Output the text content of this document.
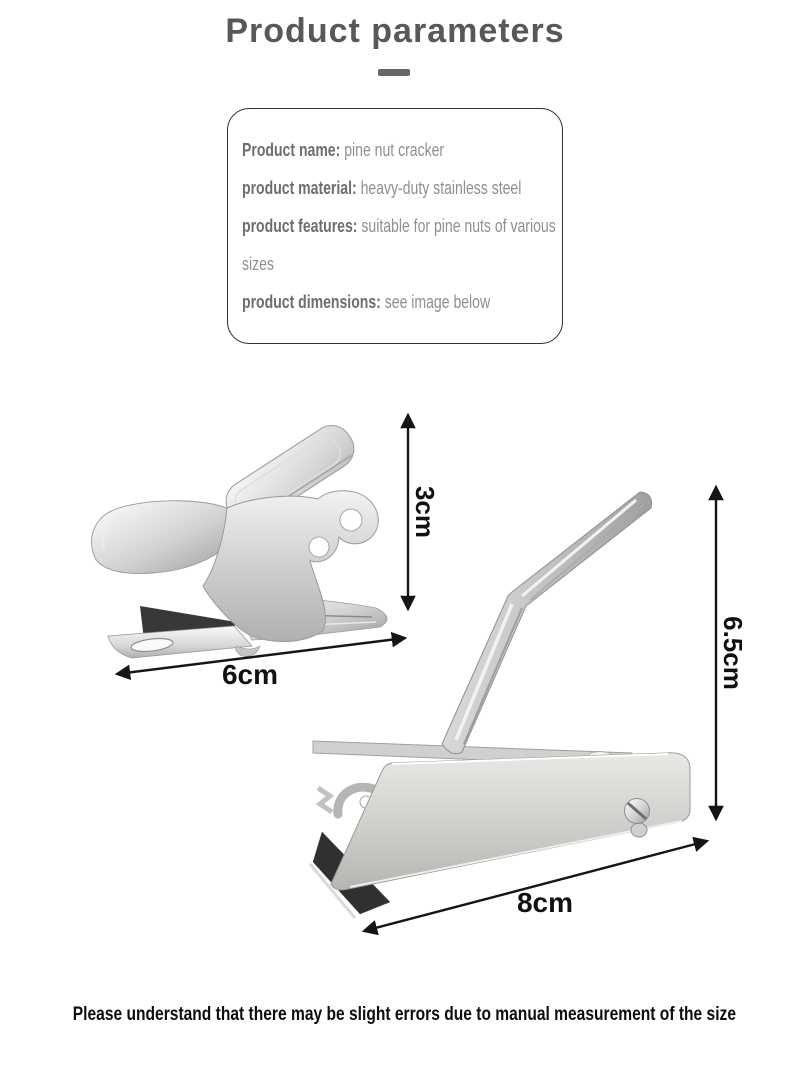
Product parameters
Product name: pine nut cracker
product material: heavy-duty stainless steel
product features: suitable for pine nuts of various sizes
product dimensions: see image below
3cm
6cm	6.5cm
8cm
Please understand that there may be slight errors due to manual measurement of the size
